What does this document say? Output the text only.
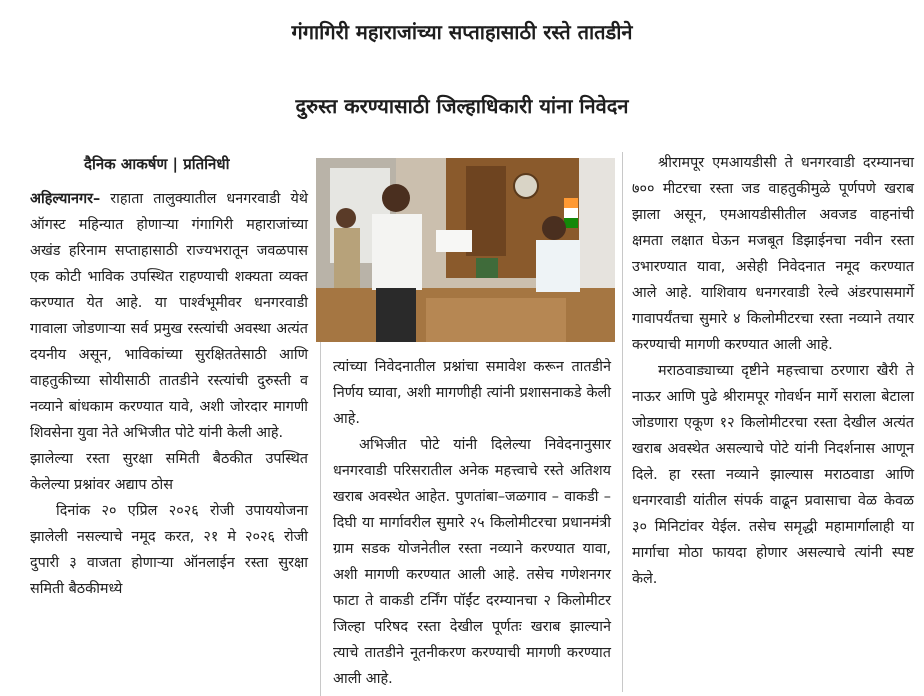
गंगागिरी महाराजांच्या सप्ताहासाठी रस्ते तातडीने
दुरुस्त करण्यासाठी जिल्हाधिकारी यांना निवेदन
दैनिक आकर्षण | प्रतिनिधी

अहिल्यानगर– राहाता तालुक्यातील धनगरवाडी येथे ऑगस्ट महिन्यात होणाऱ्या गंगागिरी महाराजांच्या अखंड हरिनाम सप्ताहासाठी राज्यभरातून जवळपास एक कोटी भाविक उपस्थित राहण्याची शक्यता व्यक्त करण्यात येत आहे. या पार्श्वभूमीवर धनगरवाडी गावाला जोडणाऱ्या सर्व प्रमुख रस्त्यांची अवस्था अत्यंत दयनीय असून, भाविकांच्या सुरक्षिततेसाठी आणि वाहतुकीच्या सोयीसाठी तातडीने रस्त्यांची दुरुस्ती व नव्याने बांधकाम करण्यात यावे, अशी जोरदार मागणी शिवसेना युवा नेते अभिजीत पोटे यांनी केली आहे.

झालेल्या रस्ता सुरक्षा समिती बैठकीत उपस्थित केलेल्या प्रश्नांवर अद्याप ठोस

दिनांक २० एप्रिल २०२६ रोजी उपाययोजना झालेली नसल्याचे नमूद करत, २१ मे २०२६ रोजी दुपारी ३ वाजता होणाऱ्या ऑनलाईन रस्ता सुरक्षा समिती बैठकीमध्ये

त्यांच्या निवेदनातील प्रश्नांचा समावेश करून तातडीने निर्णय घ्यावा, अशी मागणीही त्यांनी प्रशासनाकडे केली आहे.

अभिजीत पोटे यांनी दिलेल्या निवेदनानुसार धनगरवाडी परिसरातील अनेक महत्त्वाचे रस्ते अतिशय खराब अवस्थेत आहेत. पुणतांबा–जळगाव – वाकडी – दिघी या मार्गावरील सुमारे २५ किलोमीटरचा प्रधानमंत्री ग्राम सडक योजनेतील रस्ता नव्याने करण्यात यावा, अशी मागणी करण्यात आली आहे. तसेच गणेशनगर फाटा ते वाकडी टर्निंग पॉईंट दरम्यानचा २ किलोमीटर जिल्हा परिषद रस्ता देखील पूर्णतः खराब झाल्याने त्याचे तातडीने नूतनीकरण करण्याची मागणी करण्यात आली आहे.

श्रीरामपूर एमआयडीसी ते धनगरवाडी दरम्यानचा ७०० मीटरचा रस्ता जड वाहतुकीमुळे पूर्णपणे खराब झाला असून, एमआयडीसीतील अवजड वाहनांची क्षमता लक्षात घेऊन मजबूत डिझाईनचा नवीन रस्ता उभारण्यात यावा, असेही निवेदनात नमूद करण्यात आले आहे. याशिवाय धनगरवाडी रेल्वे अंडरपासमार्गे गावापर्यंतचा सुमारे ४ किलोमीटरचा रस्ता नव्याने तयार करण्याची मागणी करण्यात आली आहे.

मराठवाड्याच्या दृष्टीने महत्त्वाचा ठरणारा खैरी ते नाऊर आणि पुढे श्रीरामपूर गोवर्धन मार्गे सराला बेटाला जोडणारा एकूण १२ किलोमीटरचा रस्ता देखील अत्यंत खराब अवस्थेत असल्याचे पोटे यांनी निदर्शनास आणून दिले. हा रस्ता नव्याने झाल्यास मराठवाडा आणि धनगरवाडी यांतील संपर्क वाढून प्रवासाचा वेळ केवळ ३० मिनिटांवर येईल. तसेच समृद्धी महामार्गालाही या मार्गाचा मोठा फायदा होणार असल्याचे त्यांनी स्पष्ट केले.
